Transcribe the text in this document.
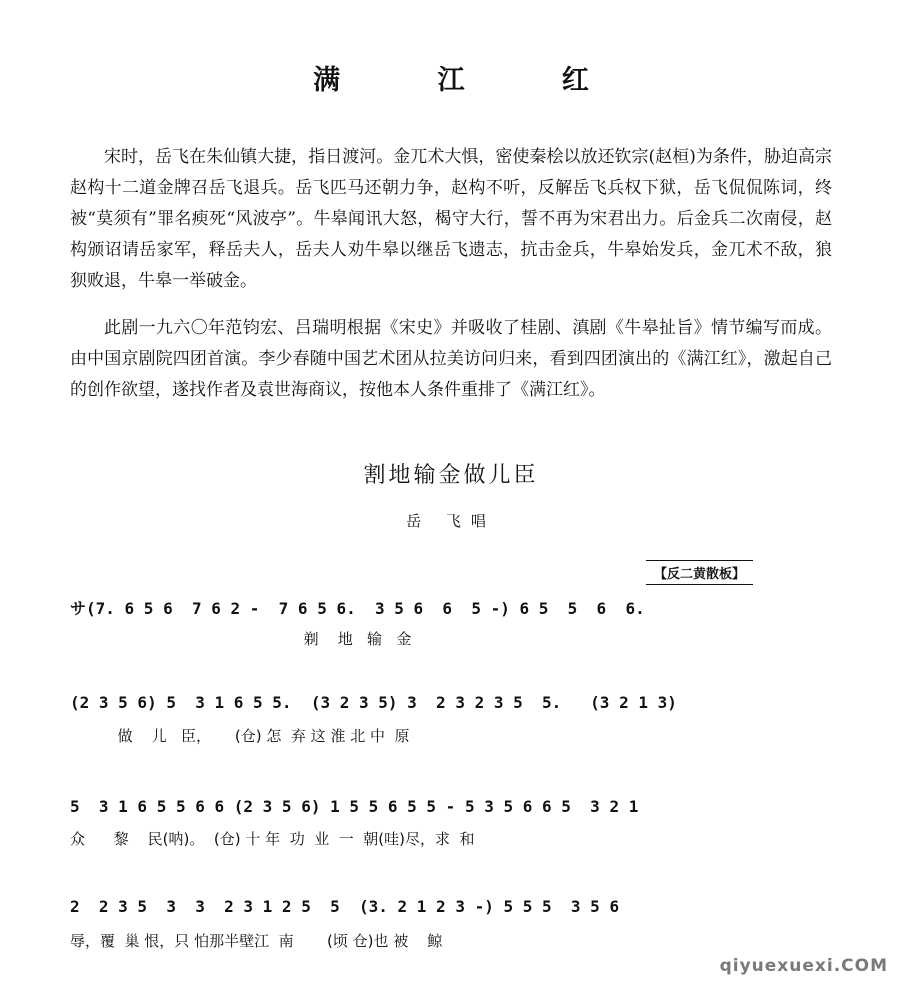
满 江 红

宋时，岳飞在朱仙镇大捷，指日渡河。金兀术大惧，密使秦桧以放还钦宗(赵桓)为条件，胁迫高宗赵构十二道金牌召岳飞退兵。岳飞匹马还朝力争，赵构不听，反解岳飞兵权下狱，岳飞侃侃陈词，终被“莫须有”罪名瘐死“风波亭”。牛皋闻讯大怒，楬守大行，誓不再为宋君出力。后金兵二次南侵，赵构颁诏请岳家军，释岳夫人，岳夫人劝牛皋以继岳飞遗志，抗击金兵，牛皋始发兵，金兀术不敌，狼狈败退，牛皋一举破金。

此剧一九六〇年范钧宏、吕瑞明根据《宋史》并吸收了桂剧、滇剧《牛皋扯旨》情节编写而成。由中国京剧院四团首演。李少春随中国艺术团从拉美访问归来，看到四团演出的《满江红》，激起自己的创作欲望，遂找作者及袁世海商议，按他本人条件重排了《满江红》。

割地输金做儿臣
岳 飞唱
【反二黄散板】
サ(7. 6 5 6  7 6 2 -  7 6 5 6.  3 5 6  6  5 -) 6 5  5  6  6.
剃    地   输   金
(2 3 5 6) 5  3 1 6 5 5.  (3 2 3 5) 3  2 3 2 3 5  5.   (3 2 1 3)
做    儿   臣，     (仓) 怎  弃 这 淮 北 中  原
5  3 1 6 5 5 6 6 (2 3 5 6) 1 5 5 6 5 5 - 5 3 5 6 6 5  3 2 1
众      黎    民(呐)。  (仓) 十 年  功  业  一  朝(哇)尽，求  和
2  2 3 5  3  3  2 3 1 2 5  5  (3. 2 1 2 3 -) 5 5 5  3 5 6
辱，覆  巢 恨，只 怕那半壁江  南       (顷 仓)也 被    鲸
qiyuexuexi.COM
